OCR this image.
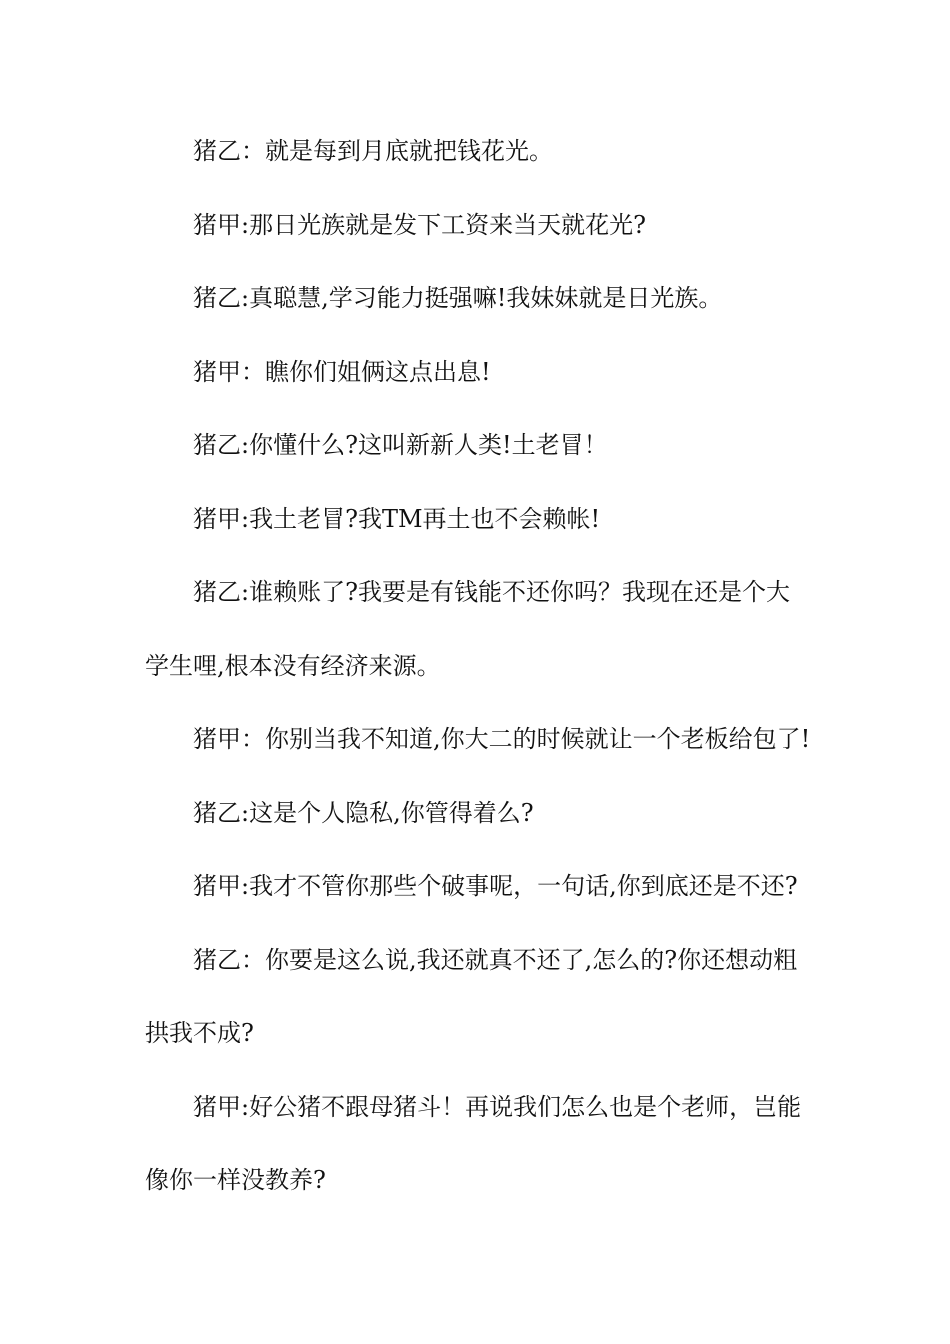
猪乙：就是每到月底就把钱花光。
猪甲:那日光族就是发下工资来当天就花光?
猪乙:真聪慧,学习能力挺强嘛!我妹妹就是日光族。
猪甲：瞧你们姐俩这点出息!
猪乙:你懂什么?这叫新新人类!土老冒！
猪甲:我土老冒?我TM再土也不会赖帐!
猪乙:谁赖账了?我要是有钱能不还你吗？我现在还是个大
学生哩,根本没有经济来源。
猪甲：你别当我不知道,你大二的时候就让一个老板给包了!
猪乙:这是个人隐私,你管得着么?
猪甲:我才不管你那些个破事呢，一句话,你到底还是不还?
猪乙：你要是这么说,我还就真不还了,怎么的?你还想动粗
拱我不成?
猪甲:好公猪不跟母猪斗！再说我们怎么也是个老师，岂能
像你一样没教养?
